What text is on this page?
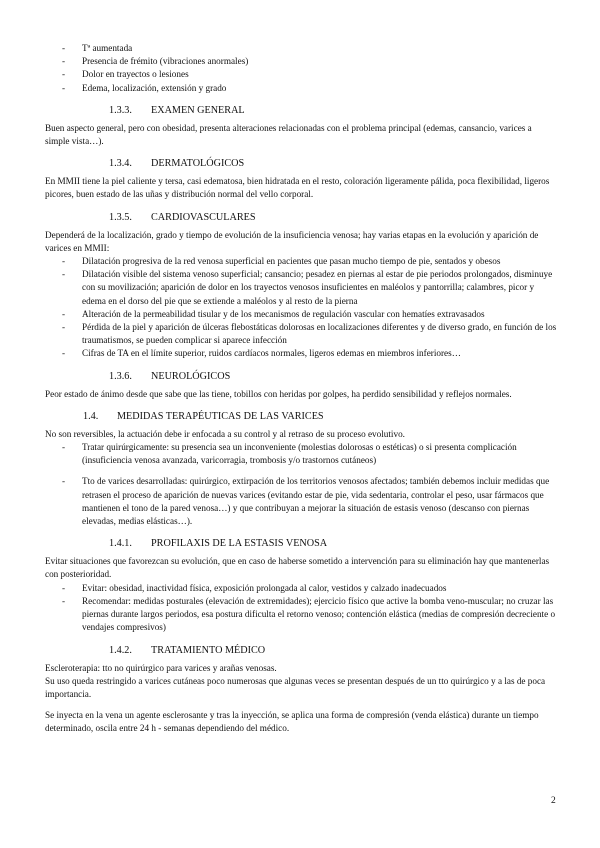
- Tª aumentada
- Presencia de frémito (vibraciones anormales)
- Dolor en trayectos o lesiones
- Edema, localización, extensión y grado
1.3.3. EXAMEN GENERAL

Buen aspecto general, pero con obesidad, presenta alteraciones relacionadas con el problema principal (edemas, cansancio, varices a simple vista…).

1.3.4. DERMATOLÓGICOS

En MMII tiene la piel caliente y tersa, casi edematosa, bien hidratada en el resto, coloración ligeramente pálida, poca flexibilidad, ligeros picores, buen estado de las uñas y distribución normal del vello corporal.

1.3.5. CARDIOVASCULARES

Dependerá de la localización, grado y tiempo de evolución de la insuficiencia venosa; hay varias etapas en la evolución y aparición de varices en MMII:

- Dilatación progresiva de la red venosa superficial en pacientes que pasan mucho tiempo de pie, sentados y obesos
- Dilatación visible del sistema venoso superficial; cansancio; pesadez en piernas al estar de pie periodos prolongados, disminuye con su movilización; aparición de dolor en los trayectos venosos insuficientes en maléolos y pantorrilla; calambres, picor y edema en el dorso del pie que se extiende a maléolos y al resto de la pierna
- Alteración de la permeabilidad tisular y de los mecanismos de regulación vascular con hematíes extravasados
- Pérdida de la piel y aparición de úlceras flebostáticas dolorosas en localizaciones diferentes y de diverso grado, en función de los traumatismos, se pueden complicar si aparece infección
- Cifras de TA en el límite superior, ruidos cardíacos normales, ligeros edemas en miembros inferiores…
1.3.6. NEUROLÓGICOS

Peor estado de ánimo desde que sabe que las tiene, tobillos con heridas por golpes, ha perdido sensibilidad y reflejos normales.

1.4. MEDIDAS TERAPÉUTICAS DE LAS VARICES

No son reversibles, la actuación debe ir enfocada a su control y al retraso de su proceso evolutivo.

- Tratar quirúrgicamente: su presencia sea un inconveniente (molestias dolorosas o estéticas) o si presenta complicación (insuficiencia venosa avanzada, varicorragia, trombosis y/o trastornos cutáneos)
- Tto de varices desarrolladas: quirúrgico, extirpación de los territorios venosos afectados; también debemos incluir medidas que retrasen el proceso de aparición de nuevas varices (evitando estar de pie, vida sedentaria, controlar el peso, usar fármacos que mantienen el tono de la pared venosa…) y que contribuyan a mejorar la situación de estasis venoso (descanso con piernas elevadas, medias elásticas…).
1.4.1. PROFILAXIS DE LA ESTASIS VENOSA

Evitar situaciones que favorezcan su evolución, que en caso de haberse sometido a intervención para su eliminación hay que mantenerlas con posterioridad.

- Evitar: obesidad, inactividad física, exposición prolongada al calor, vestidos y calzado inadecuados
- Recomendar: medidas posturales (elevación de extremidades); ejercicio físico que active la bomba veno-muscular; no cruzar las piernas durante largos periodos, esa postura dificulta el retorno venoso; contención elástica (medias de compresión decreciente o vendajes compresivos)
1.4.2. TRATAMIENTO MÉDICO

Escleroterapia: tto no quirúrgico para varices y arañas venosas.

Su uso queda restringido a varices cutáneas poco numerosas que algunas veces se presentan después de un tto quirúrgico y a las de poca importancia.

Se inyecta en la vena un agente esclerosante y tras la inyección, se aplica una forma de compresión (venda elástica) durante un tiempo determinado, oscila entre 24 h - semanas dependiendo del médico.

2
